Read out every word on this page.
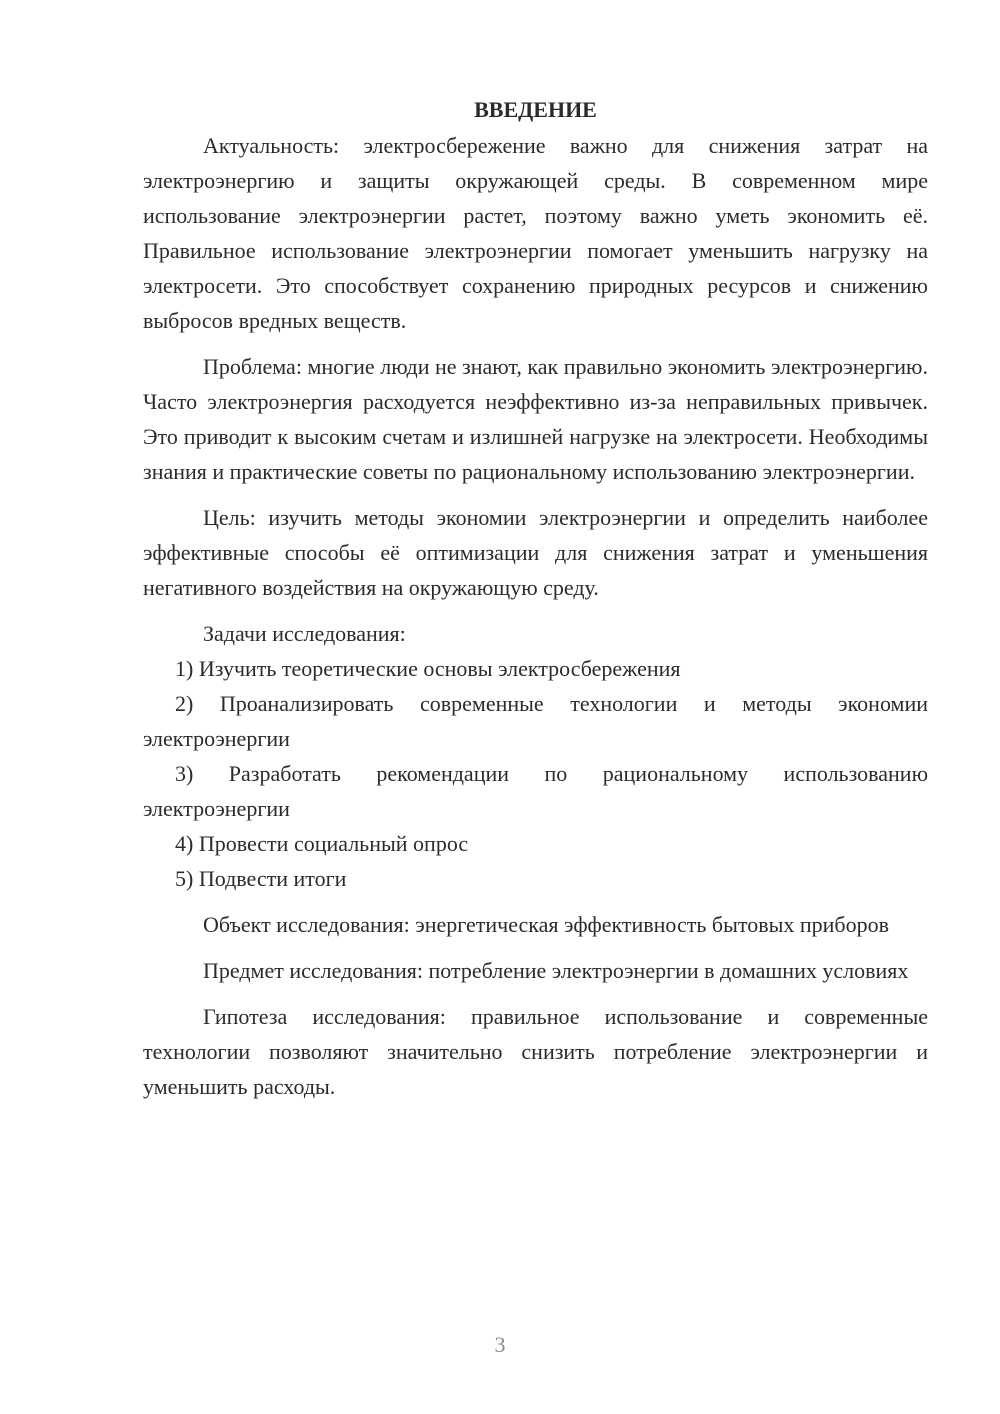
ВВЕДЕНИЕ

Актуальность: электросбережение важно для снижения затрат на электроэнергию и защиты окружающей среды. В современном мире использование электроэнергии растет, поэтому важно уметь экономить её. Правильное использование электроэнергии помогает уменьшить нагрузку на электросети. Это способствует сохранению природных ресурсов и снижению выбросов вредных веществ.

Проблема: многие люди не знают, как правильно экономить электроэнергию. Часто электроэнергия расходуется неэффективно из-за неправильных привычек. Это приводит к высоким счетам и излишней нагрузке на электросети. Необходимы знания и практические советы по рациональному использованию электроэнергии.

Цель: изучить методы экономии электроэнергии и определить наиболее эффективные способы её оптимизации для снижения затрат и уменьшения негативного воздействия на окружающую среду.

Задачи исследования:

1) Изучить теоретические основы электросбережения

2) Проанализировать современные технологии и методы экономии электроэнергии

3) Разработать рекомендации по рациональному использованию электроэнергии

4) Провести социальный опрос

5) Подвести итоги

Объект исследования: энергетическая эффективность бытовых приборов

Предмет исследования: потребление электроэнергии в домашних условиях

Гипотеза исследования: правильное использование и современные технологии позволяют значительно снизить потребление электроэнергии и уменьшить расходы.

3
